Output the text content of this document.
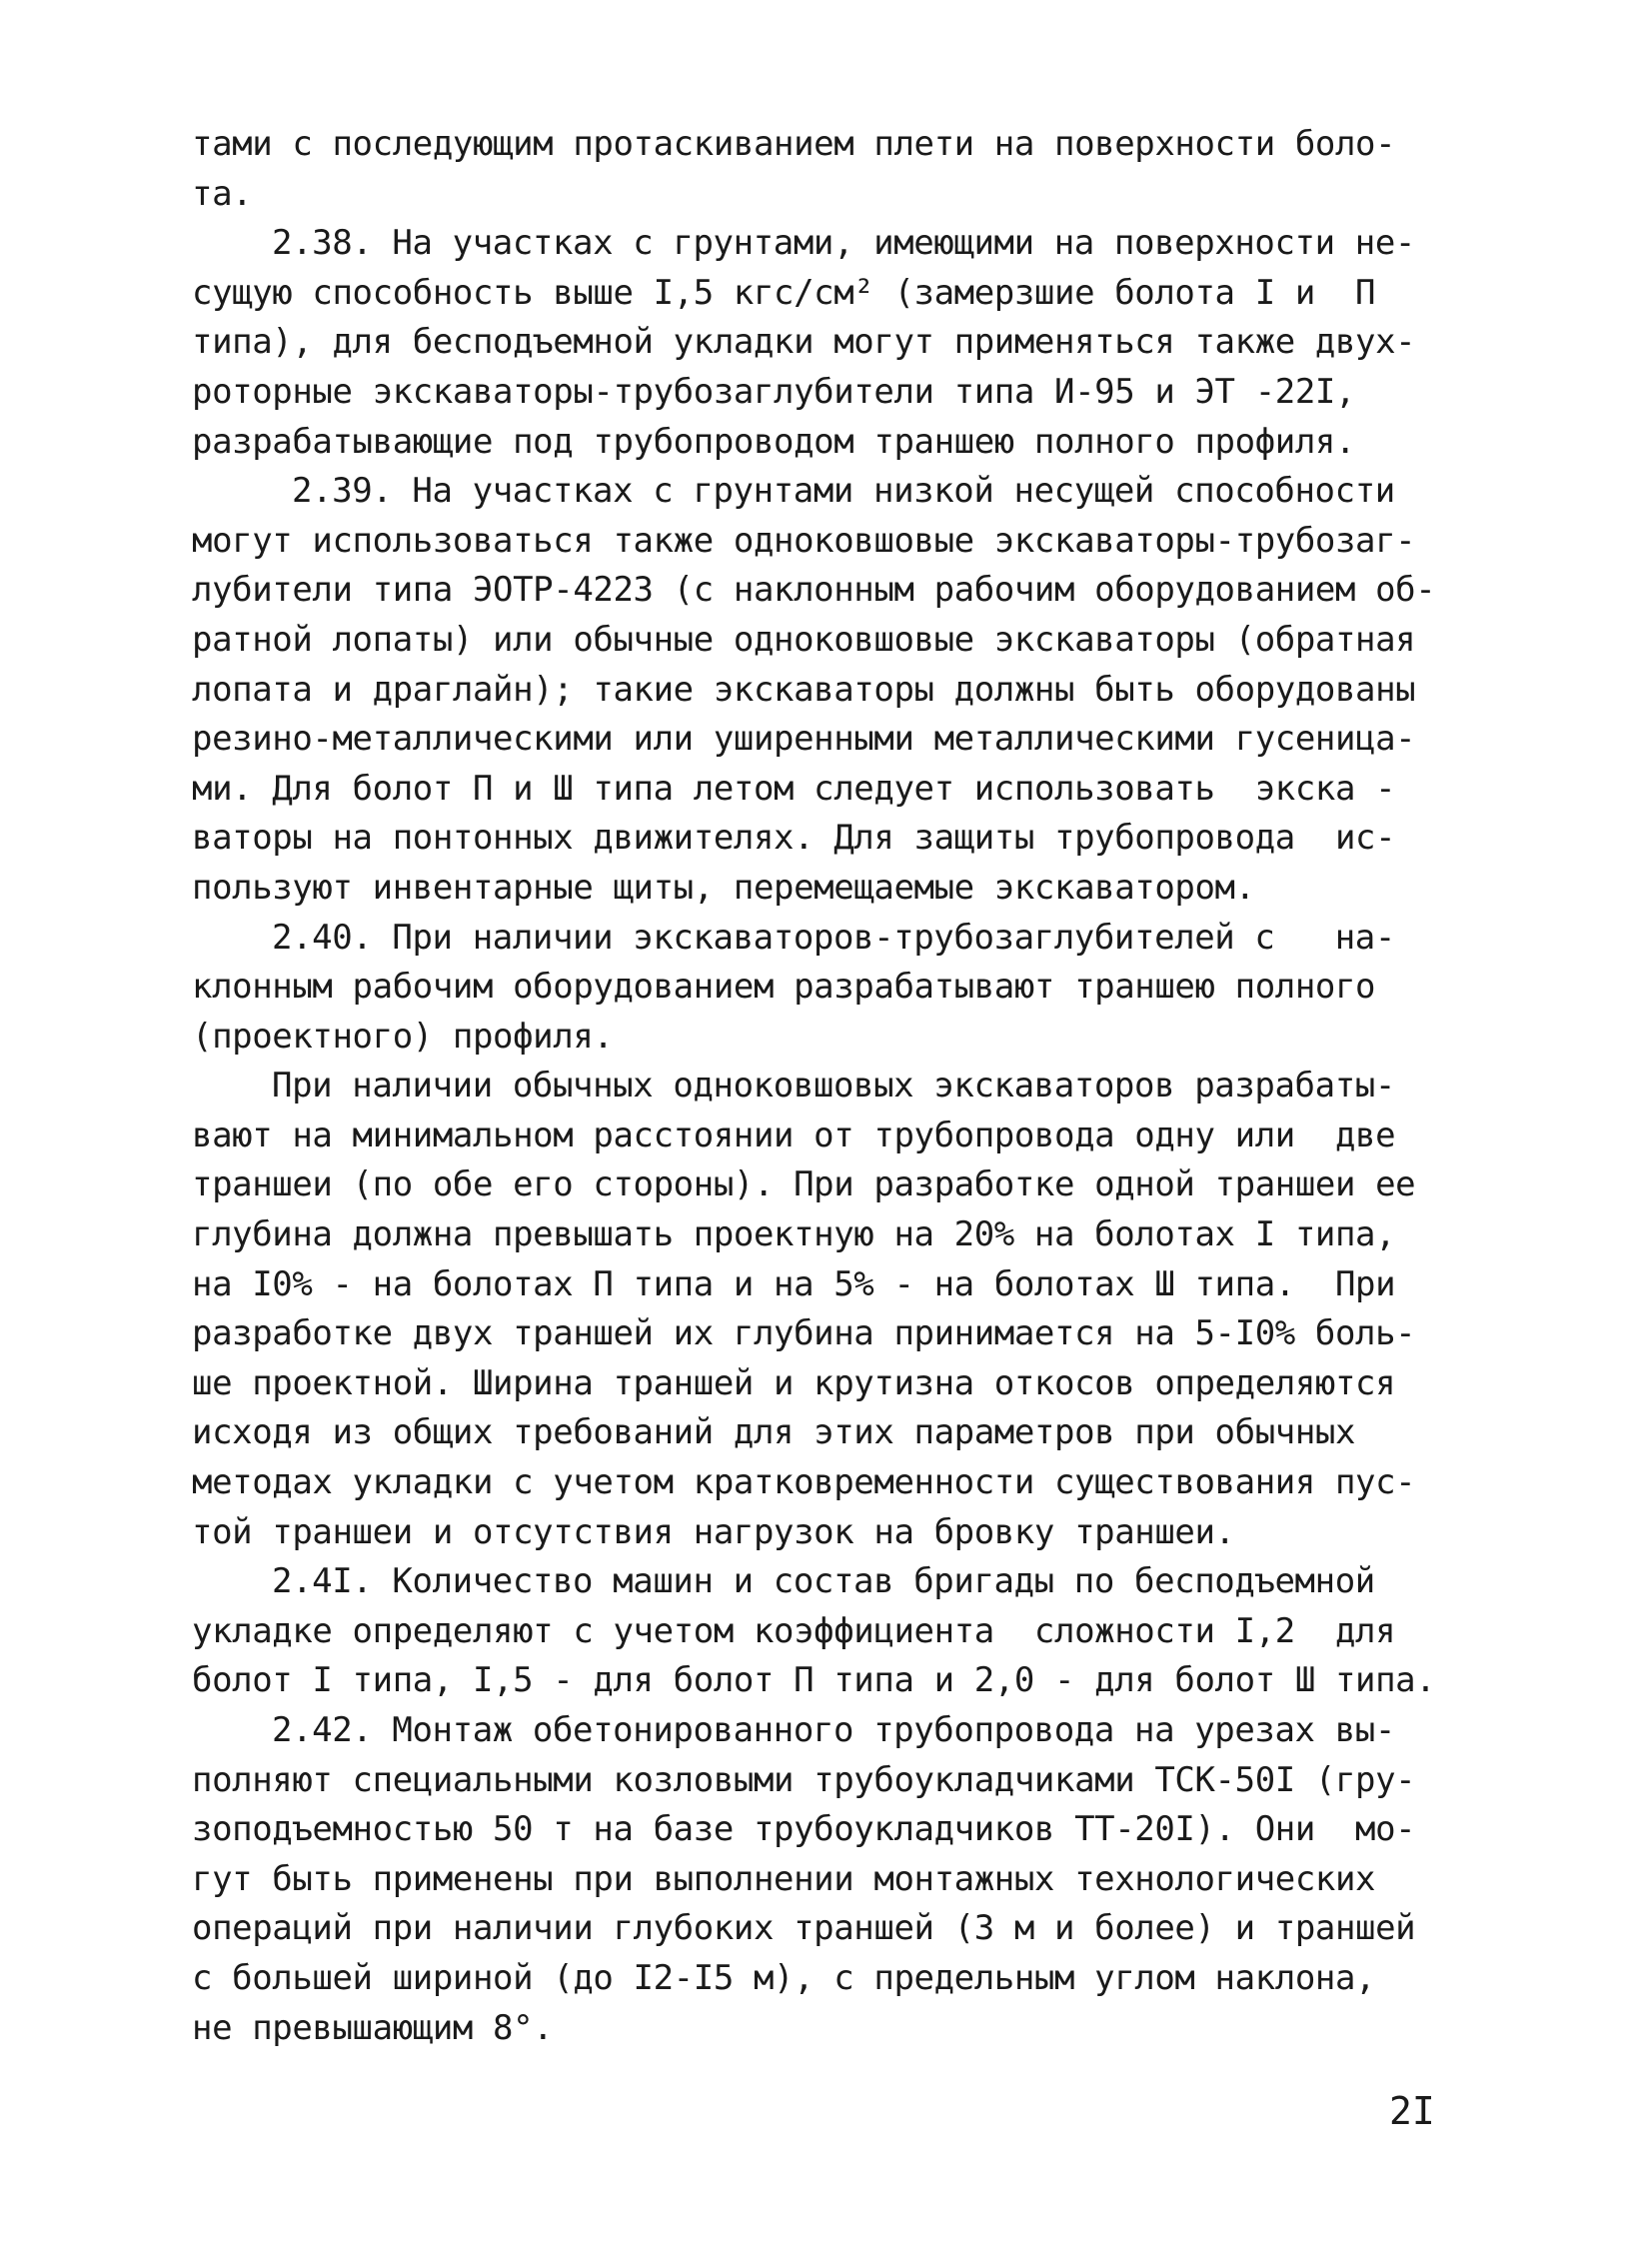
тами с последующим протаскиванием плети на поверхности боло-
та.
2.38. На участках с грунтами, имеющими на поверхности не-
сущую способность выше I,5 кгс/см² (замерзшие болота I и  П
типа), для бесподъемной укладки могут применяться также двух-
роторные экскаваторы-трубозаглубители типа И-95 и ЭТ -22I,
разрабатывающие под трубопроводом траншею полного профиля.
2.39. На участках с грунтами низкой несущей способности
могут использоваться также одноковшовые экскаваторы-трубозаг-
лубители типа ЭОТР-4223 (с наклонным рабочим оборудованием об-
ратной лопаты) или обычные одноковшовые экскаваторы (обратная
лопата и драглайн); такие экскаваторы должны быть оборудованы
резино-металлическими или уширенными металлическими гусеница-
ми. Для болот П и Ш типа летом следует использовать  экска -
ваторы на понтонных движителях. Для защиты трубопровода  ис-
пользуют инвентарные щиты, перемещаемые экскаватором.
2.40. При наличии экскаваторов-трубозаглубителей с   на-
клонным рабочим оборудованием разрабатывают траншею полного
(проектного) профиля.
При наличии обычных одноковшовых экскаваторов разрабаты-
вают на минимальном расстоянии от трубопровода одну или  две
траншеи (по обе его стороны). При разработке одной траншеи ее
глубина должна превышать проектную на 20% на болотах I типа,
на I0% - на болотах П типа и на 5% - на болотах Ш типа.  При
разработке двух траншей их глубина принимается на 5-I0% боль-
ше проектной. Ширина траншей и крутизна откосов определяются
исходя из общих требований для этих параметров при обычных
методах укладки с учетом кратковременности существования пус-
той траншеи и отсутствия нагрузок на бровку траншеи.
2.4I. Количество машин и состав бригады по бесподъемной
укладке определяют с учетом коэффициента  сложности I,2  для
болот I типа, I,5 - для болот П типа и 2,0 - для болот Ш типа.
2.42. Монтаж обетонированного трубопровода на урезах вы-
полняют специальными козловыми трубоукладчиками ТСК-50I (гру-
зоподъемностью 50 т на базе трубоукладчиков ТТ-20I). Они  мо-
гут быть применены при выполнении монтажных технологических
операций при наличии глубоких траншей (3 м и более) и траншей
с большей шириной (до I2-I5 м), с предельным углом наклона,
не превышающим 8°.
2I
